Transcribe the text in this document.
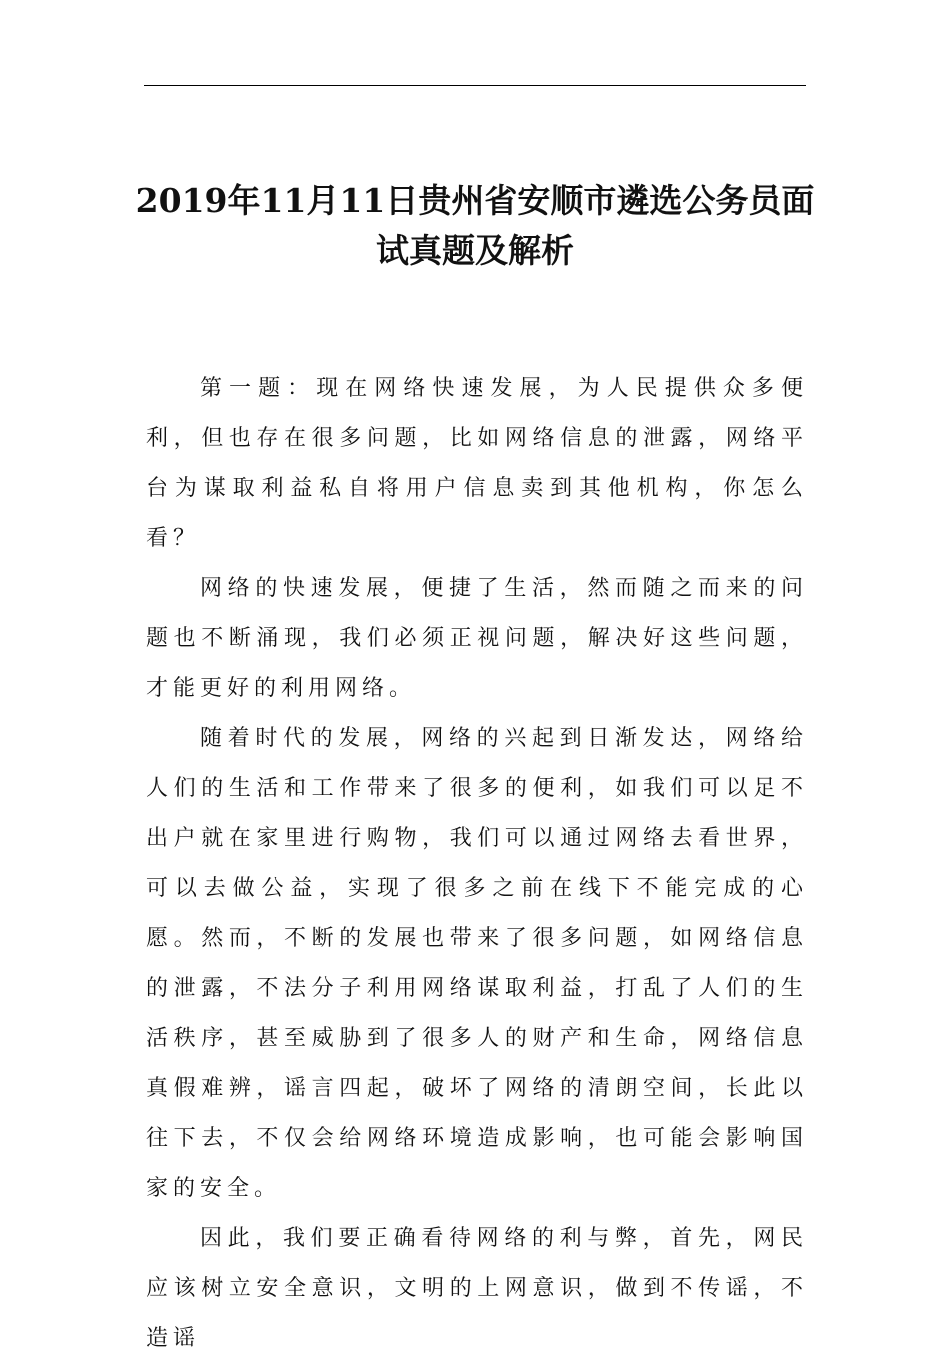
2019年11月11日贵州省安顺市遴选公务员面试真题及解析

第一题：现在网络快速发展，为人民提供众多便利，但也存在很多问题，比如网络信息的泄露，网络平台为谋取利益私自将用户信息卖到其他机构，你怎么看？

网络的快速发展，便捷了生活，然而随之而来的问题也不断涌现，我们必须正视问题，解决好这些问题，才能更好的利用网络。

随着时代的发展，网络的兴起到日渐发达，网络给人们的生活和工作带来了很多的便利，如我们可以足不出户就在家里进行购物，我们可以通过网络去看世界，可以去做公益，实现了很多之前在线下不能完成的心愿。然而，不断的发展也带来了很多问题，如网络信息的泄露，不法分子利用网络谋取利益，打乱了人们的生活秩序，甚至威胁到了很多人的财产和生命，网络信息真假难辨，谣言四起，破坏了网络的清朗空间，长此以往下去，不仅会给网络环境造成影响，也可能会影响国家的安全。

因此，我们要正确看待网络的利与弊，首先，网民应该树立安全意识，文明的上网意识，做到不传谣，不造谣
